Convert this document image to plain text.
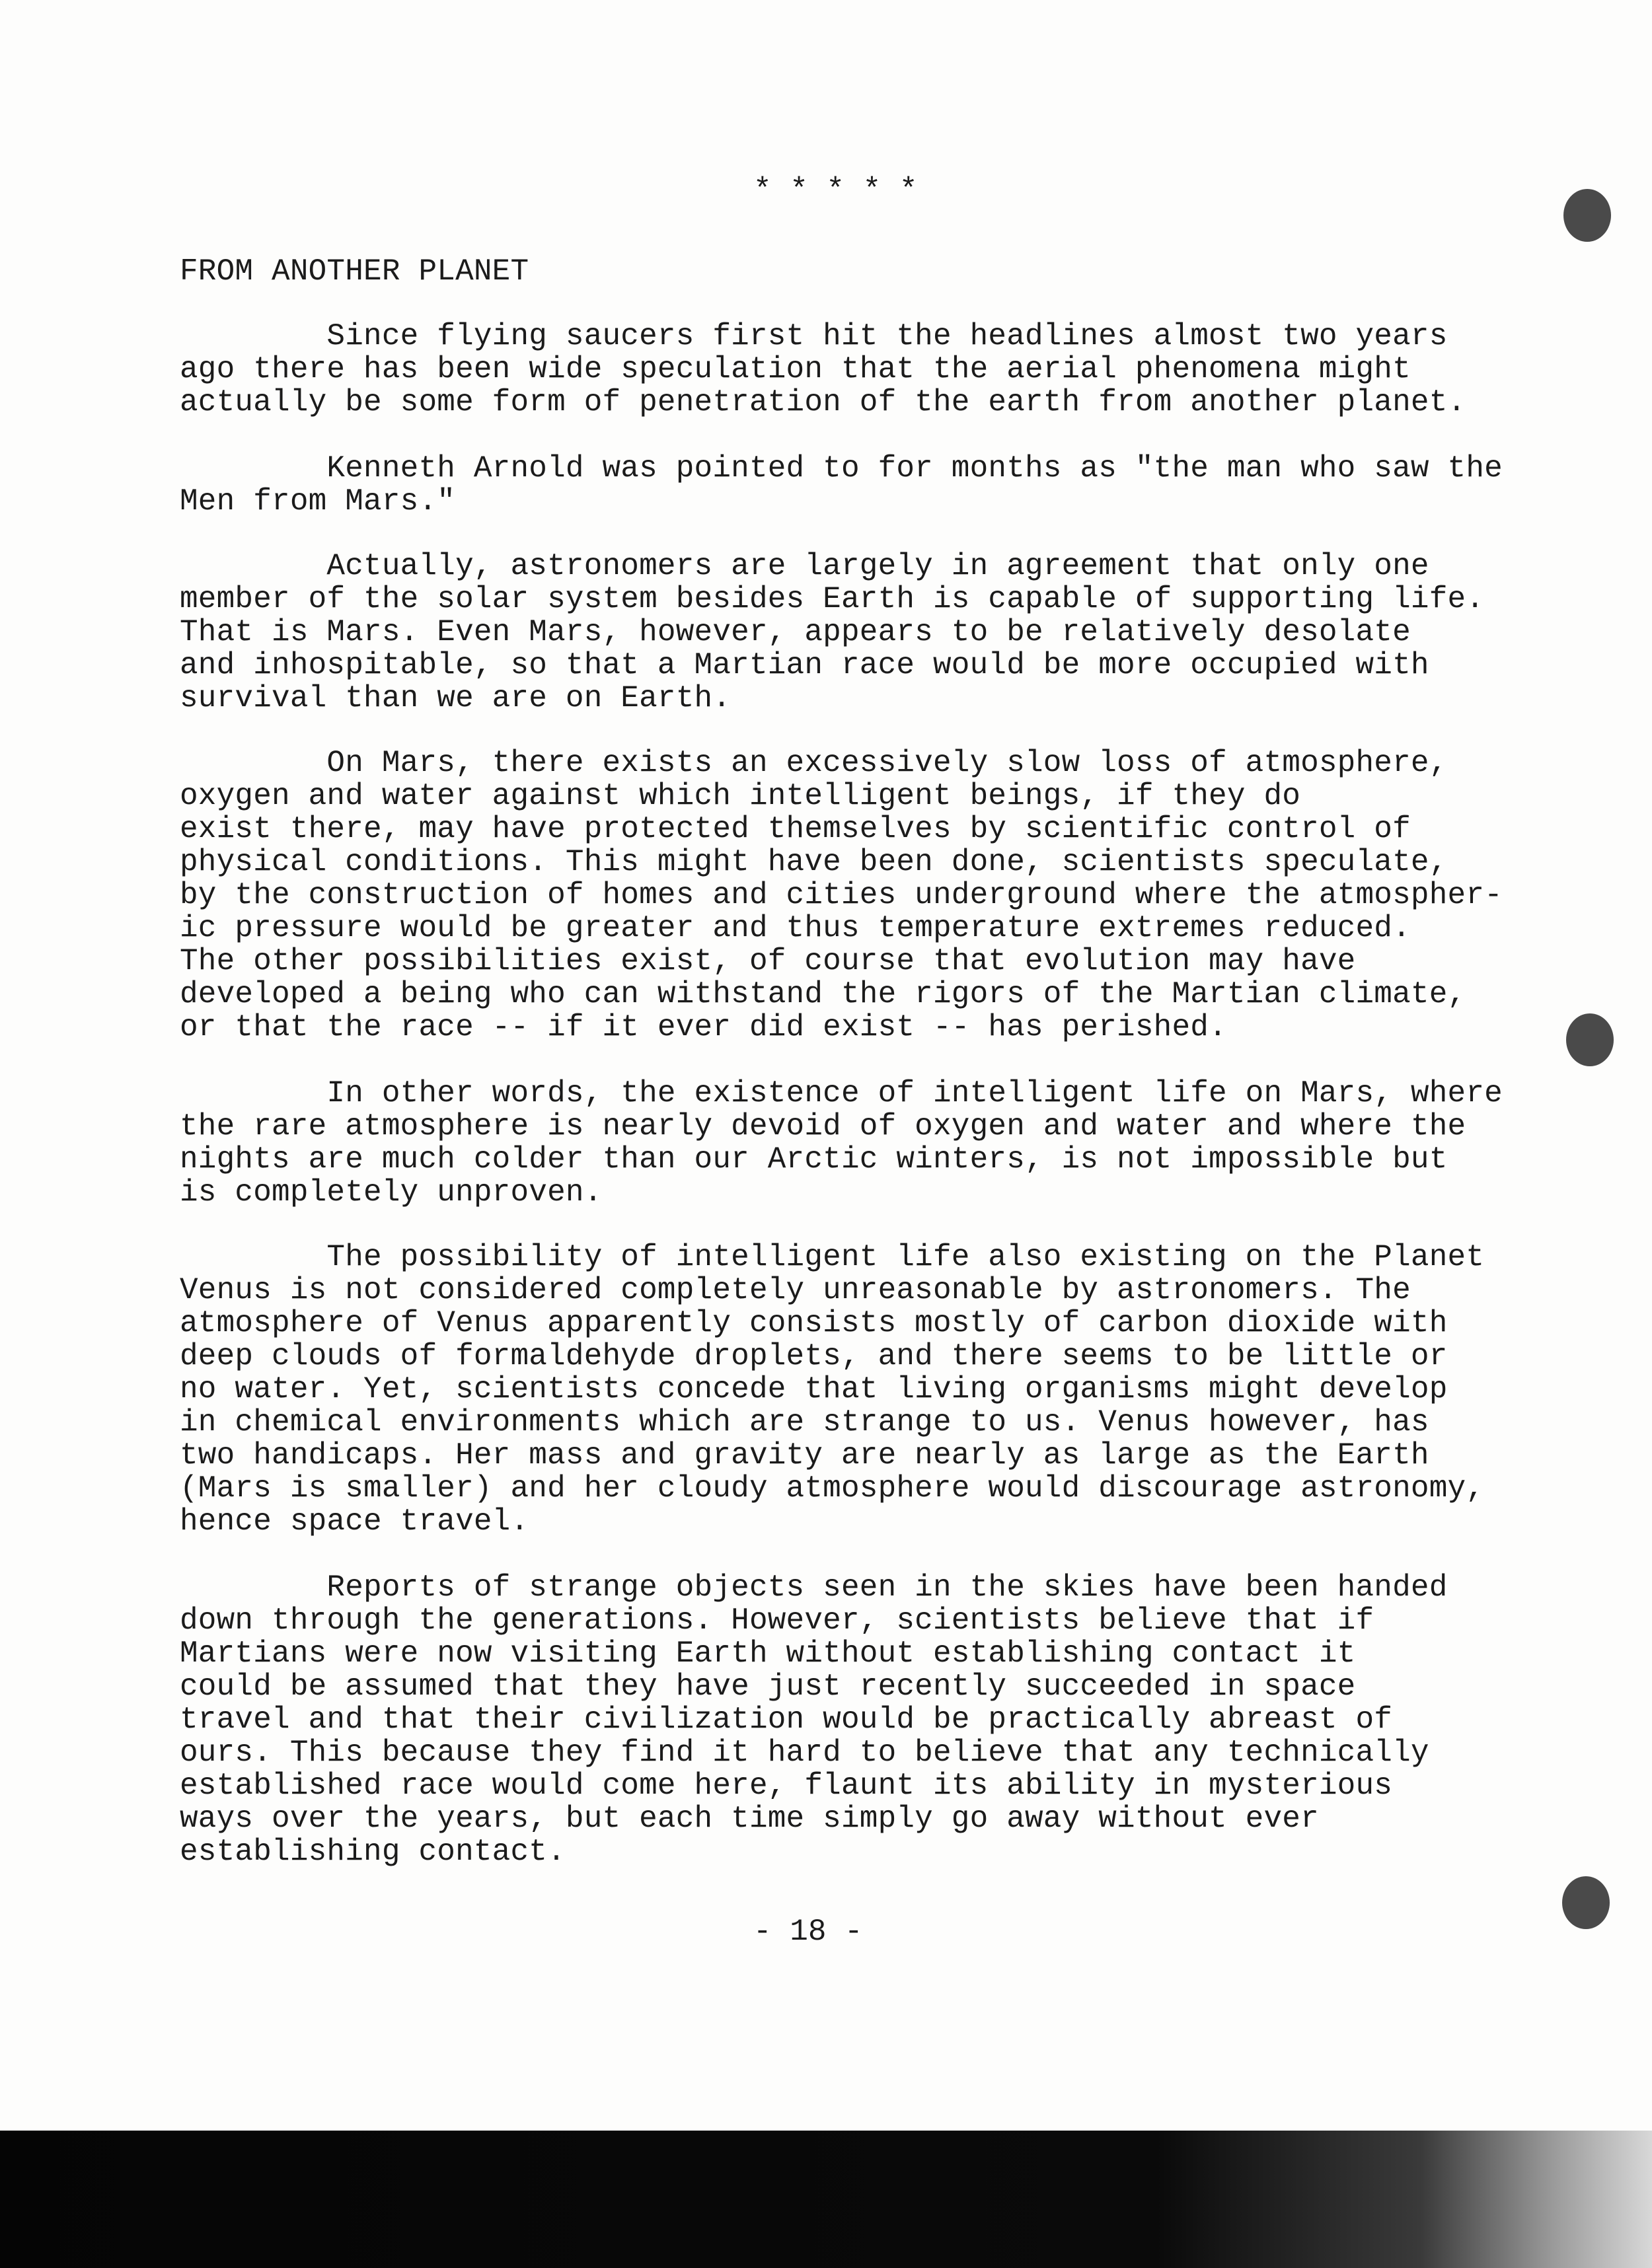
* * * * *
FROM ANOTHER PLANET
Since flying saucers first hit the headlines almost two years
ago there has been wide speculation that the aerial phenomena might
actually be some form of penetration of the earth from another planet.
Kenneth Arnold was pointed to for months as "the man who saw the
Men from Mars."
Actually, astronomers are largely in agreement that only one
member of the solar system besides Earth is capable of supporting life.
That is Mars. Even Mars, however, appears to be relatively desolate
and inhospitable, so that a Martian race would be more occupied with
survival than we are on Earth.
On Mars, there exists an excessively slow loss of atmosphere,
oxygen and water against which intelligent beings, if they do
exist there, may have protected themselves by scientific control of
physical conditions. This might have been done, scientists speculate,
by the construction of homes and cities underground where the atmospher-
ic pressure would be greater and thus temperature extremes reduced.
The other possibilities exist, of course that evolution may have
developed a being who can withstand the rigors of the Martian climate,
or that the race -- if it ever did exist -- has perished.
In other words, the existence of intelligent life on Mars, where
the rare atmosphere is nearly devoid of oxygen and water and where the
nights are much colder than our Arctic winters, is not impossible but
is completely unproven.
The possibility of intelligent life also existing on the Planet
Venus is not considered completely unreasonable by astronomers. The
atmosphere of Venus apparently consists mostly of carbon dioxide with
deep clouds of formaldehyde droplets, and there seems to be little or
no water. Yet, scientists concede that living organisms might develop
in chemical environments which are strange to us. Venus however, has
two handicaps. Her mass and gravity are nearly as large as the Earth
(Mars is smaller) and her cloudy atmosphere would discourage astronomy,
hence space travel.
Reports of strange objects seen in the skies have been handed
down through the generations. However, scientists believe that if
Martians were now visiting Earth without establishing contact it
could be assumed that they have just recently succeeded in space
travel and that their civilization would be practically abreast of
ours. This because they find it hard to believe that any technically
established race would come here, flaunt its ability in mysterious
ways over the years, but each time simply go away without ever
establishing contact.
- 18 -
